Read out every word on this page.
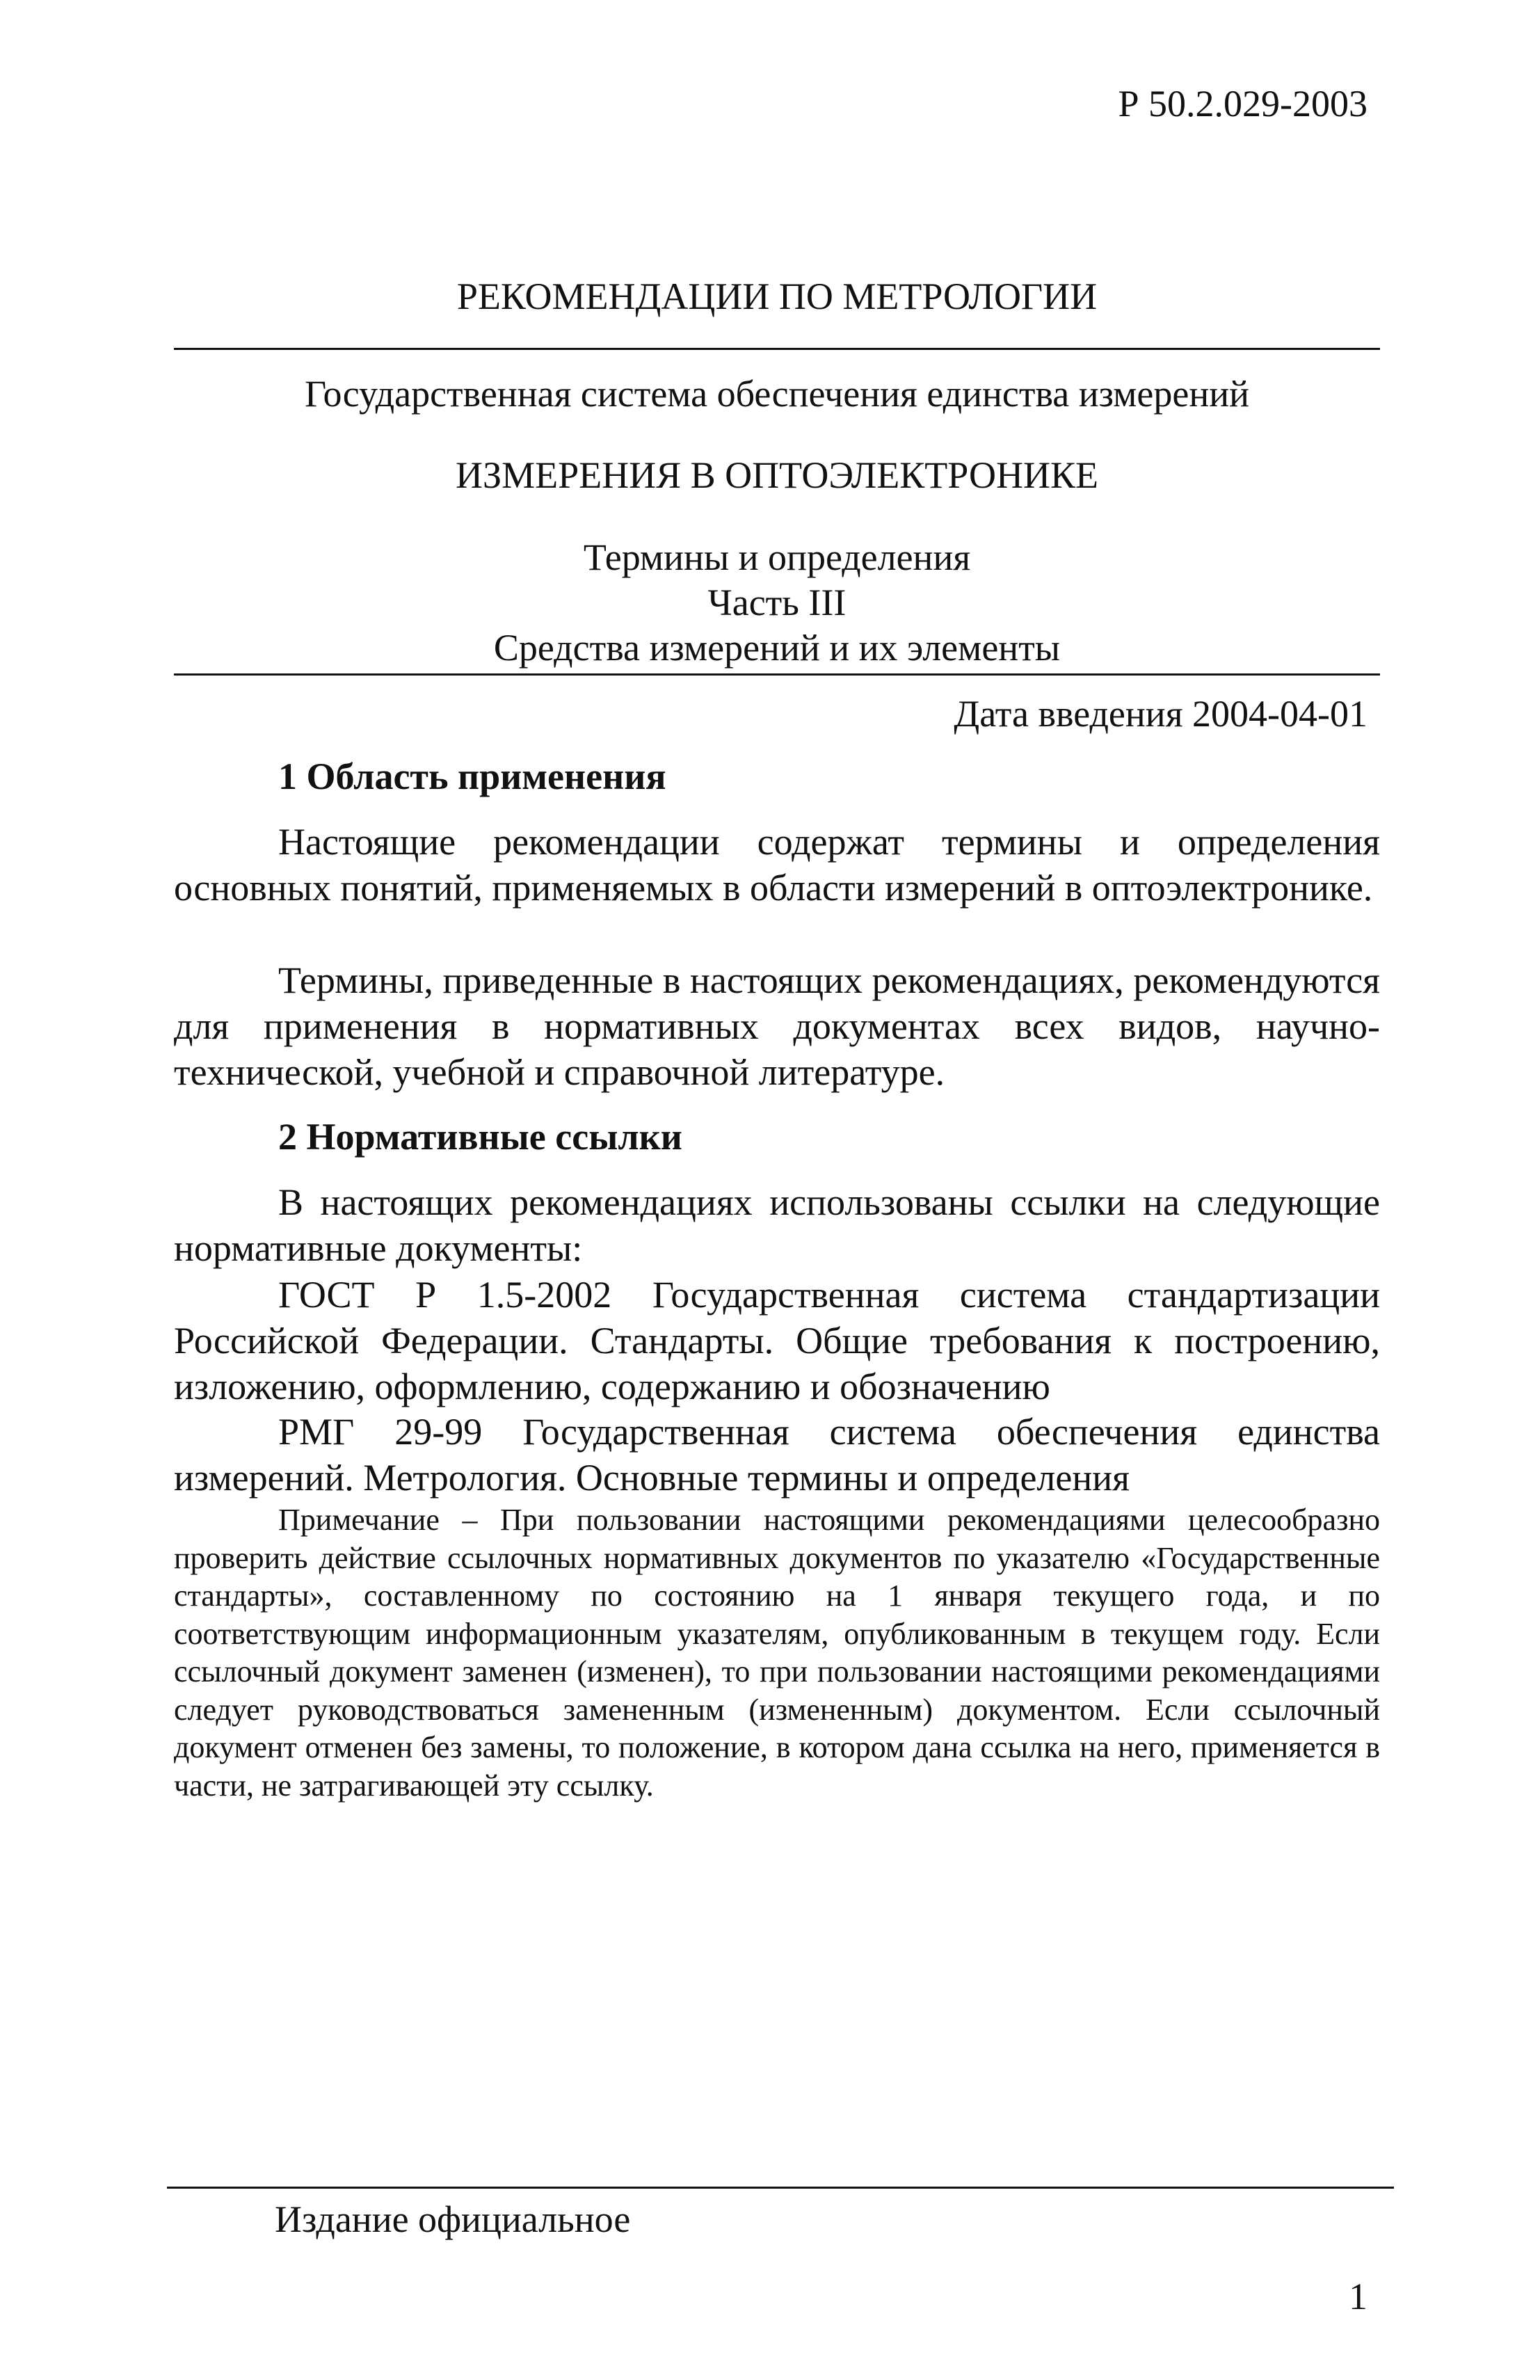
Р 50.2.029-2003
РЕКОМЕНДАЦИИ ПО МЕТРОЛОГИИ
Государственная система обеспечения единства измерений
ИЗМЕРЕНИЯ В ОПТОЭЛЕКТРОНИКЕ
Термины и определения
Часть III
Средства измерений и их элементы
Дата введения 2004-04-01
1 Область применения

Настоящие рекомендации содержат термины и определения основных понятий, применяемых в области измерений в оптоэлектронике.

Термины, приведенные в настоящих рекомендациях, рекомендуются для применения в нормативных документах всех видов, научно-технической, учебной и справочной литературе.

2 Нормативные ссылки

В настоящих рекомендациях использованы ссылки на следующие нормативные документы:

ГОСТ Р 1.5-2002 Государственная система стандартизации Российской Федерации. Стандарты. Общие требования к построению, изложению, оформлению, содержанию и обозначению

РМГ 29-99 Государственная система обеспечения единства измерений. Метрология. Основные термины и определения

Примечание – При пользовании настоящими рекомендациями целесообразно проверить действие ссылочных нормативных документов по указателю «Государственные стандарты», составленному по состоянию на 1 января текущего года, и по соответствующим информационным указателям, опубликованным в текущем году. Если ссылочный документ заменен (изменен), то при пользовании настоящими рекомендациями следует руководствоваться замененным (измененным) документом. Если ссылочный документ отменен без замены, то положение, в котором дана ссылка на него, применяется в части, не затрагивающей эту ссылку.

Издание официальное
1
